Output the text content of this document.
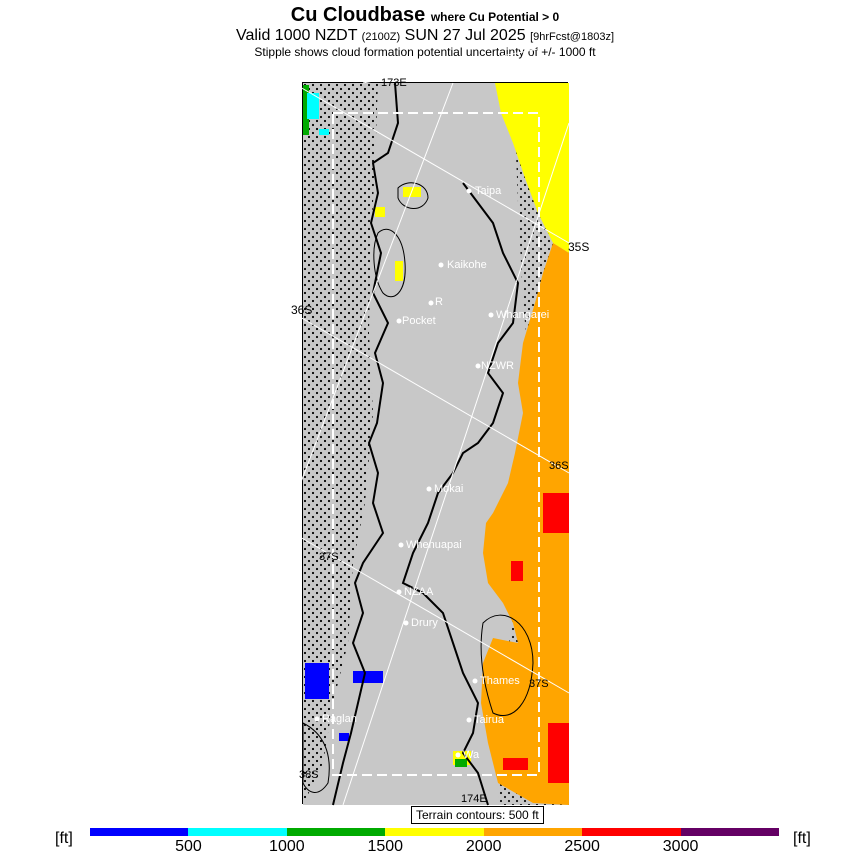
Cu Cloudbase where Cu Potential > 0
Valid 1000 NZDT (2100Z) SUN 27 Jul 2025 [9hrFcst@1803z]
Stipple shows cloud formation potential uncertainty of +/- 1000 ft
Taipa
Kaikohe
R
Pocket	Whangarei
NZWR
Mokai
Whenuapai
NZAA
Drury
Thames
Raglan	Tairua
Wa
173E
174E
36S
37S
37S
38S
35S
36S
Terrain contours: 500 ft
[ft]	[ft]
500	1000	1500	2000	2500	3000
